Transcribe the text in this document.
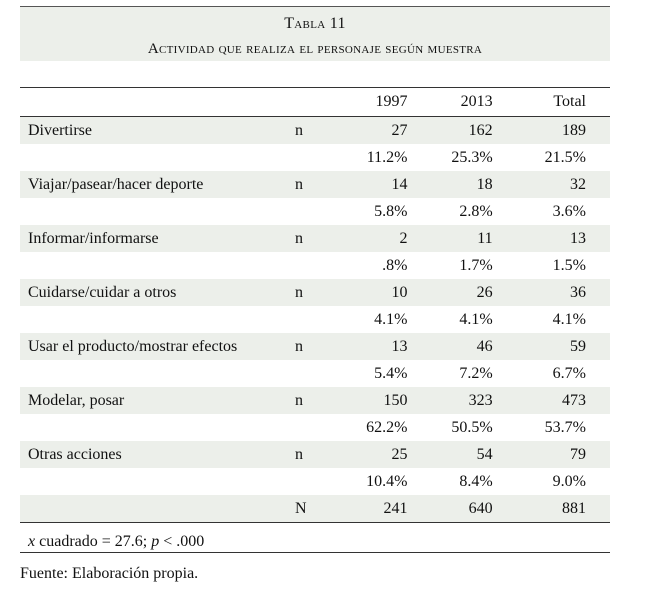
Tabla 11
Actividad que realiza el personaje según muestra
		1997	2013	Total
Divertirse	n	27	162	189
		11.2%	25.3%	21.5%
Viajar/pasear/hacer deporte	n	14	18	32
		5.8%	2.8%	3.6%
Informar/informarse	n	2	11	13
		.8%	1.7%	1.5%
Cuidarse/cuidar a otros	n	10	26	36
		4.1%	4.1%	4.1%
Usar el producto/mostrar efectos	n	13	46	59
		5.4%	7.2%	6.7%
Modelar, posar	n	150	323	473
		62.2%	50.5%	53.7%
Otras acciones	n	25	54	79
		10.4%	8.4%	9.0%
	N	241	640	881
x cuadrado = 27.6; p < .000
Fuente: Elaboración propia.
